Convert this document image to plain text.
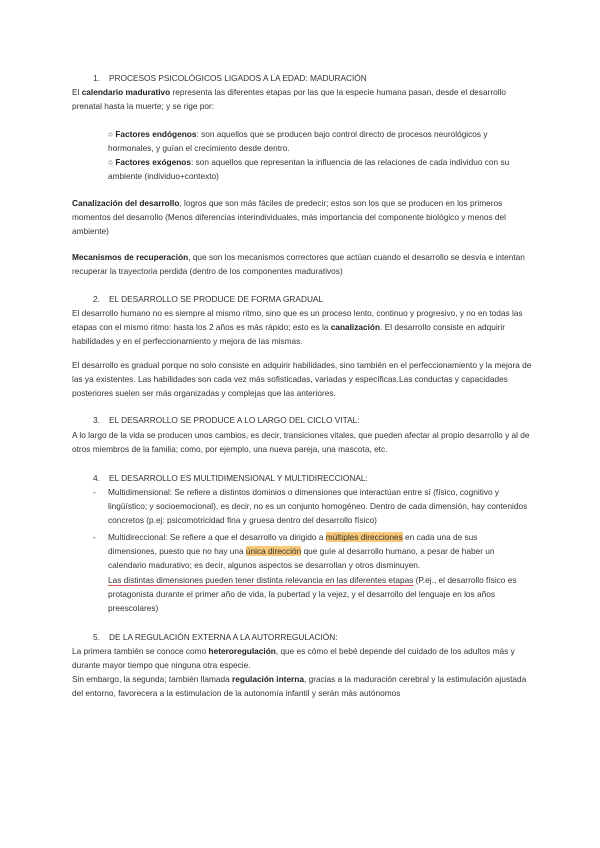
1. PROCESOS PSICOLÓGICOS LIGADOS A LA EDAD: MADURACIÓN

El calendario madurativo representa las diferentes etapas por las que la especie humana pasan, desde el desarrollo prenatal hasta la muerte; y se rige por:

○ Factores endógenos: son aquellos que se producen bajo control directo de procesos neurológicos y hormonales, y guían el crecimiento desde dentro.

○ Factores exógenos: son aquellos que representan la influencia de las relaciones de cada individuo con su ambiente (individuo+contexto)

Canalización del desarrollo, logros que son más fáciles de predecir; estos son los que se producen en los primeros momentos del desarrollo (Menos diferencias interindividuales, más importancia del componente biológico y menos del ambiente)

Mecanismos de recuperación, que son los mecanismos correctores que actúan cuando el desarrollo se desvía e intentan recuperar la trayectoria perdida (dentro de los componentes madurativos)

2. EL DESARROLLO SE PRODUCE DE FORMA GRADUAL

El desarrollo humano no es siempre al mismo ritmo, sino que es un proceso lento, continuo y progresivo, y no en todas las etapas con el mismo ritmo: hasta los 2 años es más rápido; esto es la canalización. El desarrollo consiste en adquirir habilidades y en el perfeccionamiento y mejora de las mismas.

El desarrollo es gradual porque no solo consiste en adquirir habilidades, sino también en el perfeccionamiento y la mejora de las ya existentes. Las habilidades son cada vez más sofisticadas, variadas y específicas.Las conductas y capacidades posteriores suelen ser más organizadas y complejas que las anteriores.

3. EL DESARROLLO SE PRODUCE A LO LARGO DEL CICLO VITAL:

A lo largo de la vida se producen unos cambios, es decir, transiciones vitales, que pueden afectar al propio desarrollo y al de otros miembros de la familia; como, por ejemplo, una nueva pareja, una mascota, etc.

4. EL DESARROLLO ES MULTIDIMENSIONAL Y MULTIDIRECCIONAL:

- Multidimensional: Se refiere a distintos dominios o dimensiones que interactúan entre sí (físico, cognitivo y lingüístico; y socioemocional), es decir, no es un conjunto homogéneo. Dentro de cada dimensión, hay contenidos concretos (p.ej: psicomotricidad fina y gruesa dentro del desarrollo físico)

- Multidireccional: Se refiere a que el desarrollo va dirigido a múltiples direcciones en cada una de sus dimensiones, puesto que no hay una única dirección que guíe al desarrollo humano, a pesar de haber un calendario madurativo; es decir, algunos aspectos se desarrollan y otros disminuyen.
Las distintas dimensiones pueden tener distinta relevancia en las diferentes etapas (P.ej., el desarrollo físico es protagonista durante el primer año de vida, la pubertad y la vejez, y el desarrollo del lenguaje en los años preescolares)

5. DE LA REGULACIÓN EXTERNA A LA AUTORREGULACIÓN:

La primera también se conoce como heteroregulación, que es cómo el bebé depende del cuidado de los adultos más y durante mayor tiempo que ninguna otra especie.

Sin embargo, la segunda; también llamada regulación interna, gracias a la maduración cerebral y la estimulación ajustada del entorno, favorecera a la estimulacion de la autonomía infantil y serán más autónomos
